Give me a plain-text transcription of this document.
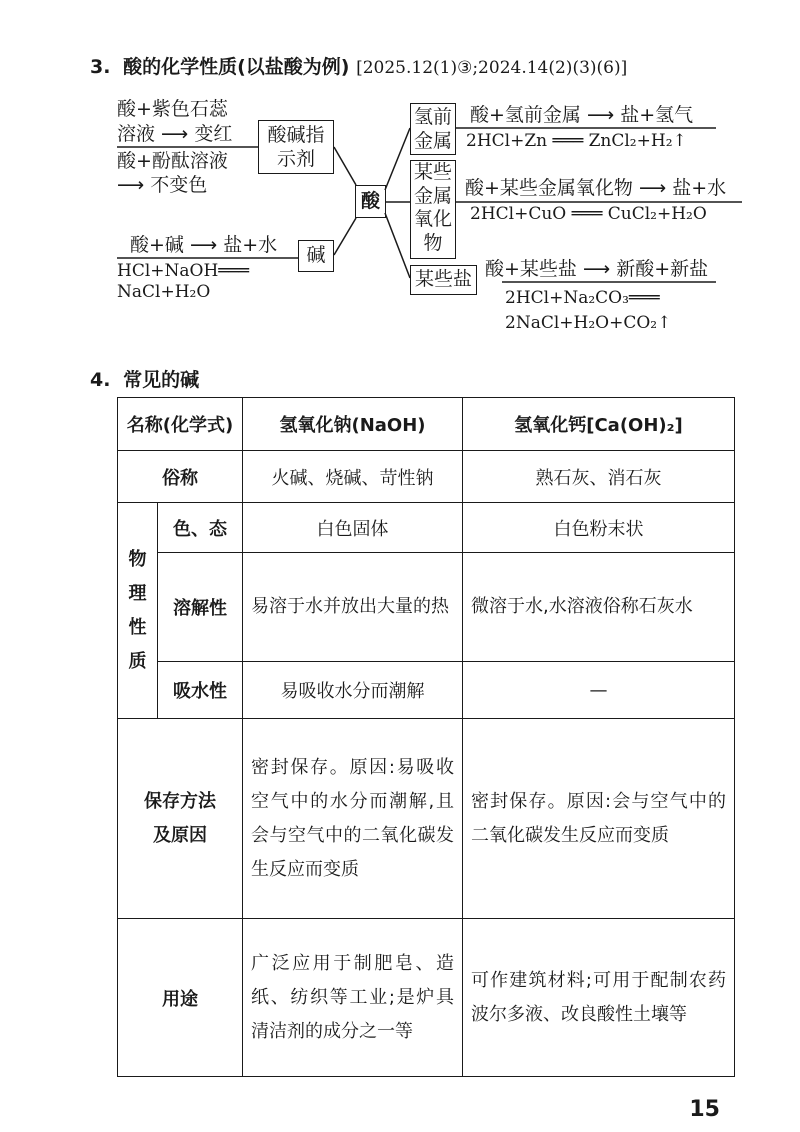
3. 酸的化学性质(以盐酸为例) [2025.12(1)③;2024.14(2)(3)(6)]
酸+紫色石蕊
溶液 ⟶ 变红
酸+酚酞溶液
⟶ 不变色
酸碱指
示剂
酸+碱 ⟶ 盐+水
HCl+NaOH═══
NaCl+H₂O
碱
酸
氢前
金属
酸+氢前金属 ⟶ 盐+氢气
2HCl+Zn ═══ ZnCl₂+H₂↑
某些
金属
氧化
物
酸+某些金属氧化物 ⟶ 盐+水
2HCl+CuO ═══ CuCl₂+H₂O
某些盐 酸+某些盐 ⟶ 新酸+新盐
2HCl+Na₂CO₃═══
2NaCl+H₂O+CO₂↑
4. 常见的碱
名称(化学式)		氢氧化钠(NaOH)	氢氧化钙[Ca(OH)₂]
俗称		火碱、烧碱、苛性钠	熟石灰、消石灰

物
理
性
质	色、态	白色固体	白色粉末状
	溶解性	易溶于水并放出大量的热	微溶于水,水溶液俗称石灰水
	吸水性	易吸收水分而潮解	—

保存方法
及原因		密封保存。原因:易吸收空气中的水分而潮解,且会与空气中的二氧化碳发生反应而变质	密封保存。原因:会与空气中的二氧化碳发生反应而变质
用途		广泛应用于制肥皂、造纸、纺织等工业;是炉具清洁剂的成分之一等	可作建筑材料;可用于配制农药波尔多液、改良酸性土壤等
15
